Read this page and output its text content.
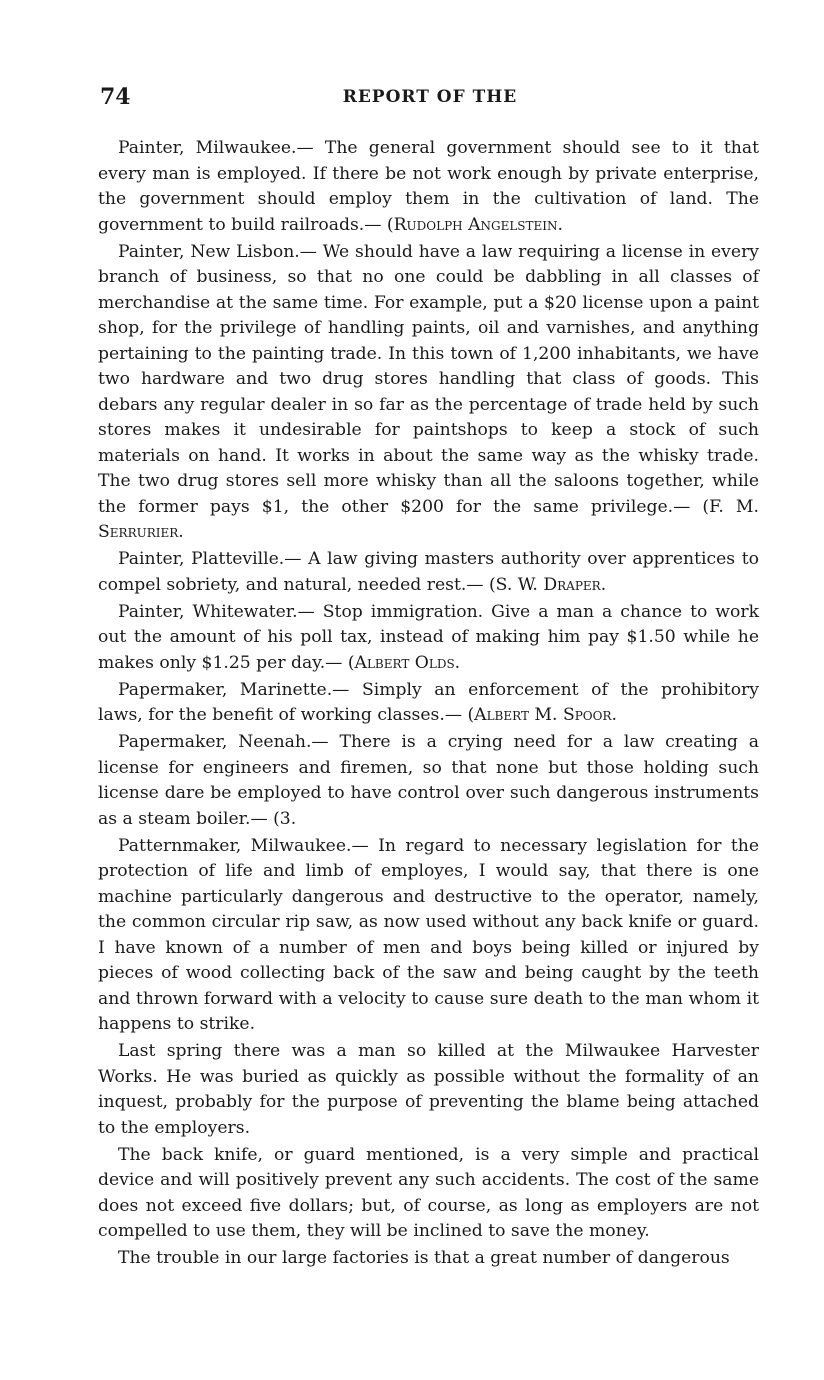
74	REPORT OF THE

Painter, Milwaukee.— The general government should see to it that every man is employed. If there be not work enough by private enterprise, the government should employ them in the cultivation of land. The government to build railroads.— (Rudolph Angelstein.

Painter, New Lisbon.— We should have a law requiring a license in every branch of business, so that no one could be dabbling in all classes of merchandise at the same time. For example, put a $20 license upon a paint shop, for the privilege of handling paints, oil and varnishes, and anything pertaining to the painting trade. In this town of 1,200 inhabitants, we have two hardware and two drug stores handling that class of goods. This debars any regular dealer in so far as the percentage of trade held by such stores makes it undesirable for paintshops to keep a stock of such materials on hand. It works in about the same way as the whisky trade. The two drug stores sell more whisky than all the saloons together, while the former pays $1, the other $200 for the same privilege.— (F. M. Serrurier.

Painter, Platteville.— A law giving masters authority over apprentices to compel sobriety, and natural, needed rest.— (S. W. Draper.

Painter, Whitewater.— Stop immigration. Give a man a chance to work out the amount of his poll tax, instead of making him pay $1.50 while he makes only $1.25 per day.— (Albert Olds.

Papermaker, Marinette.— Simply an enforcement of the prohibitory laws, for the benefit of working classes.— (Albert M. Spoor.

Papermaker, Neenah.— There is a crying need for a law creating a license for engineers and firemen, so that none but those holding such license dare be employed to have control over such dangerous instruments as a steam boiler.— (3.

Patternmaker, Milwaukee.— In regard to necessary legislation for the protection of life and limb of employes, I would say, that there is one machine particularly dangerous and destructive to the operator, namely, the common circular rip saw, as now used without any back knife or guard. I have known of a number of men and boys being killed or injured by pieces of wood collecting back of the saw and being caught by the teeth and thrown forward with a velocity to cause sure death to the man whom it happens to strike.

Last spring there was a man so killed at the Milwaukee Harvester Works. He was buried as quickly as possible without the formality of an inquest, probably for the purpose of preventing the blame being attached to the employers.

The back knife, or guard mentioned, is a very simple and practical device and will positively prevent any such accidents. The cost of the same does not exceed five dollars; but, of course, as long as employers are not compelled to use them, they will be inclined to save the money.

The trouble in our large factories is that a great number of dangerous
